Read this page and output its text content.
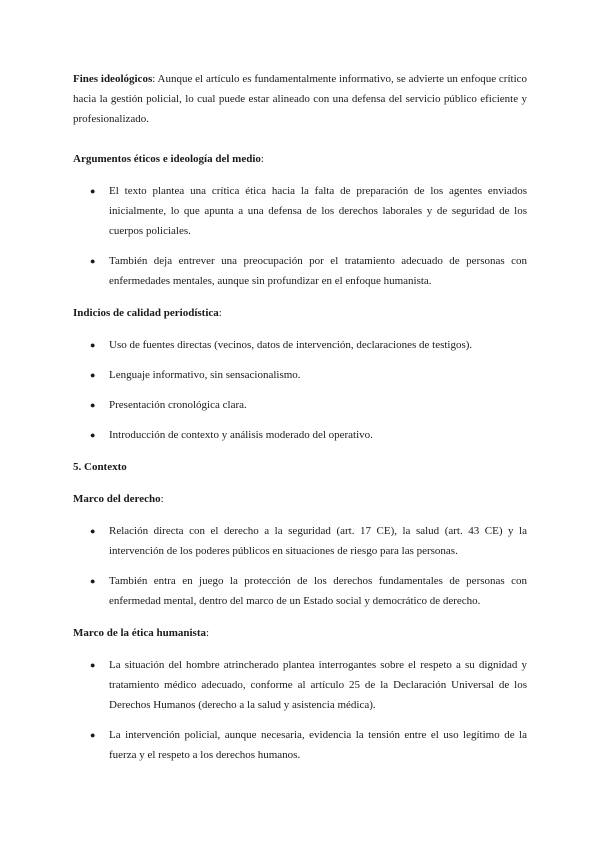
Fines ideológicos: Aunque el artículo es fundamentalmente informativo, se advierte un enfoque crítico hacia la gestión policial, lo cual puede estar alineado con una defensa del servicio público eficiente y profesionalizado.

Argumentos éticos e ideología del medio:

● El texto plantea una crítica ética hacia la falta de preparación de los agentes enviados inicialmente, lo que apunta a una defensa de los derechos laborales y de seguridad de los cuerpos policiales.
● También deja entrever una preocupación por el tratamiento adecuado de personas con enfermedades mentales, aunque sin profundizar en el enfoque humanista.

Indicios de calidad periodística:

● Uso de fuentes directas (vecinos, datos de intervención, declaraciones de testigos).
● Lenguaje informativo, sin sensacionalismo.
● Presentación cronológica clara.
● Introducción de contexto y análisis moderado del operativo.

5. Contexto

Marco del derecho:

● Relación directa con el derecho a la seguridad (art. 17 CE), la salud (art. 43 CE) y la intervención de los poderes públicos en situaciones de riesgo para las personas.
● También entra en juego la protección de los derechos fundamentales de personas con enfermedad mental, dentro del marco de un Estado social y democrático de derecho.

Marco de la ética humanista:

● La situación del hombre atrincherado plantea interrogantes sobre el respeto a su dignidad y tratamiento médico adecuado, conforme al artículo 25 de la Declaración Universal de los Derechos Humanos (derecho a la salud y asistencia médica).
● La intervención policial, aunque necesaria, evidencia la tensión entre el uso legítimo de la fuerza y el respeto a los derechos humanos.
